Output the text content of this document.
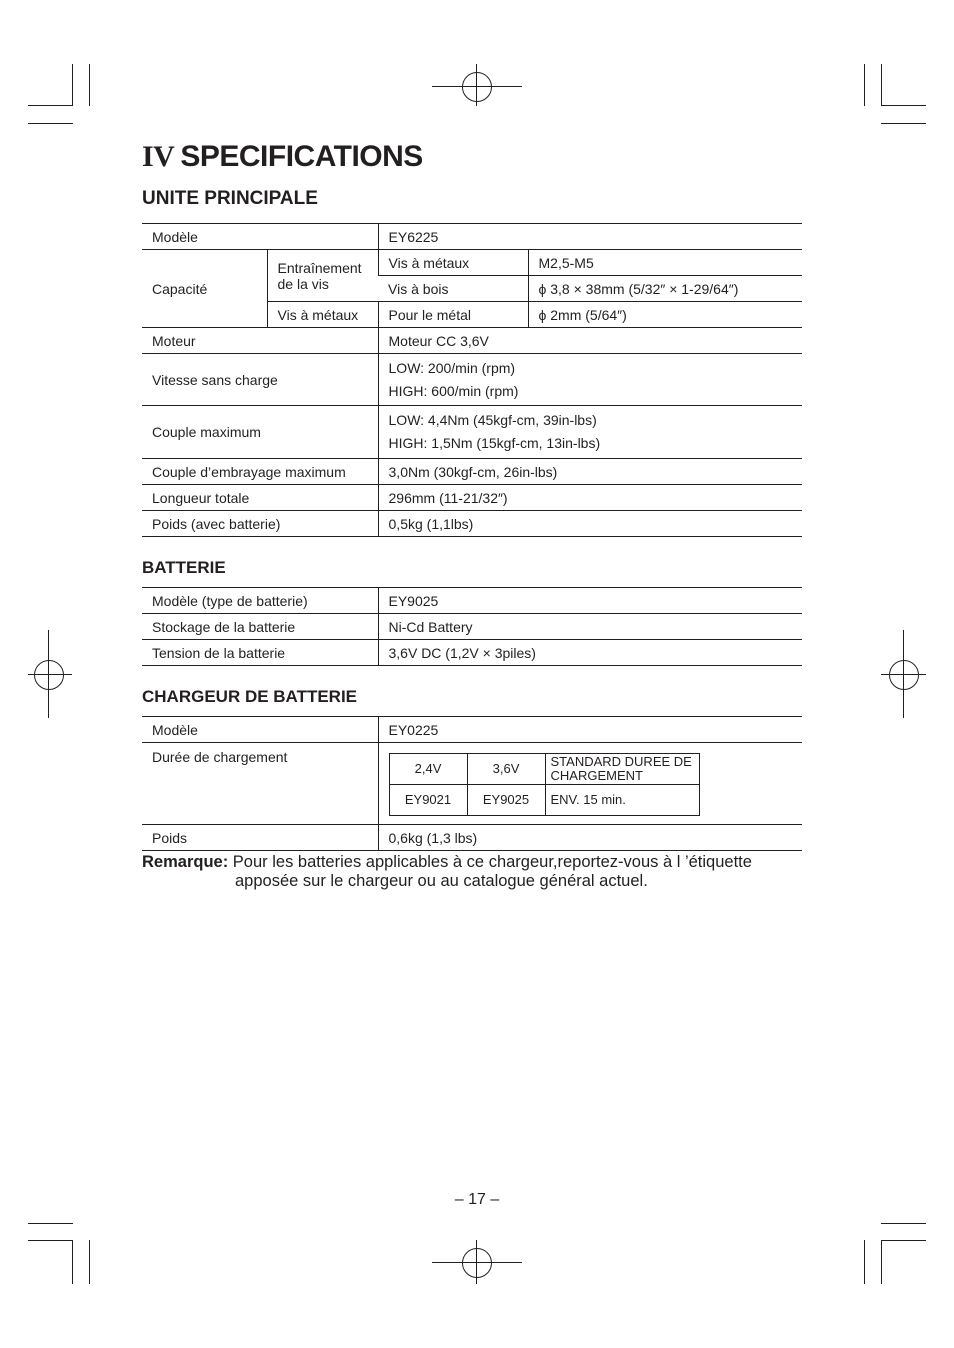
IV SPECIFICATIONS
UNITE PRINCIPALE
Modèle		EY6225	
Capacité	Entraînement de la vis	Vis à métaux	M2,5-M5
		Vis à bois	ϕ 3,8 × 38mm (5/32″ × 1-29/64″)
	Vis à métaux	Pour le métal	ϕ 2mm (5/64″)
Moteur		Moteur CC 3,6V	
Vitesse sans charge		LOW: 200/min (rpm)
HIGH: 600/min (rpm)	

Couple maximum		LOW: 4,4Nm (45kgf-cm, 39in-lbs)
HIGH: 1,5Nm (15kgf-cm, 13in-lbs)	

Couple d’embrayage maximum		3,0Nm (30kgf-cm, 26in-lbs)	
Longueur totale		296mm (11-21/32″)	
Poids (avec batterie)		0,5kg (1,1lbs)	
BATTERIE
Modèle (type de batterie)	EY9025
Stockage de la batterie	Ni-Cd Battery
Tension de la batterie	3,6V DC (1,2V × 3piles)
CHARGEUR DE BATTERIE
Modèle	EY0225
Durée de chargement	
2,4V	3,6V	STANDARD DUREE DE CHARGEMENT
EY9021	EY9025	ENV. 15 min.

Poids	0,6kg (1,3 lbs)
Remarque: Pour les batteries applicables à ce chargeur,reportez-vous à l ’étiquette
apposée sur le chargeur ou au catalogue général actuel.
– 17 –
